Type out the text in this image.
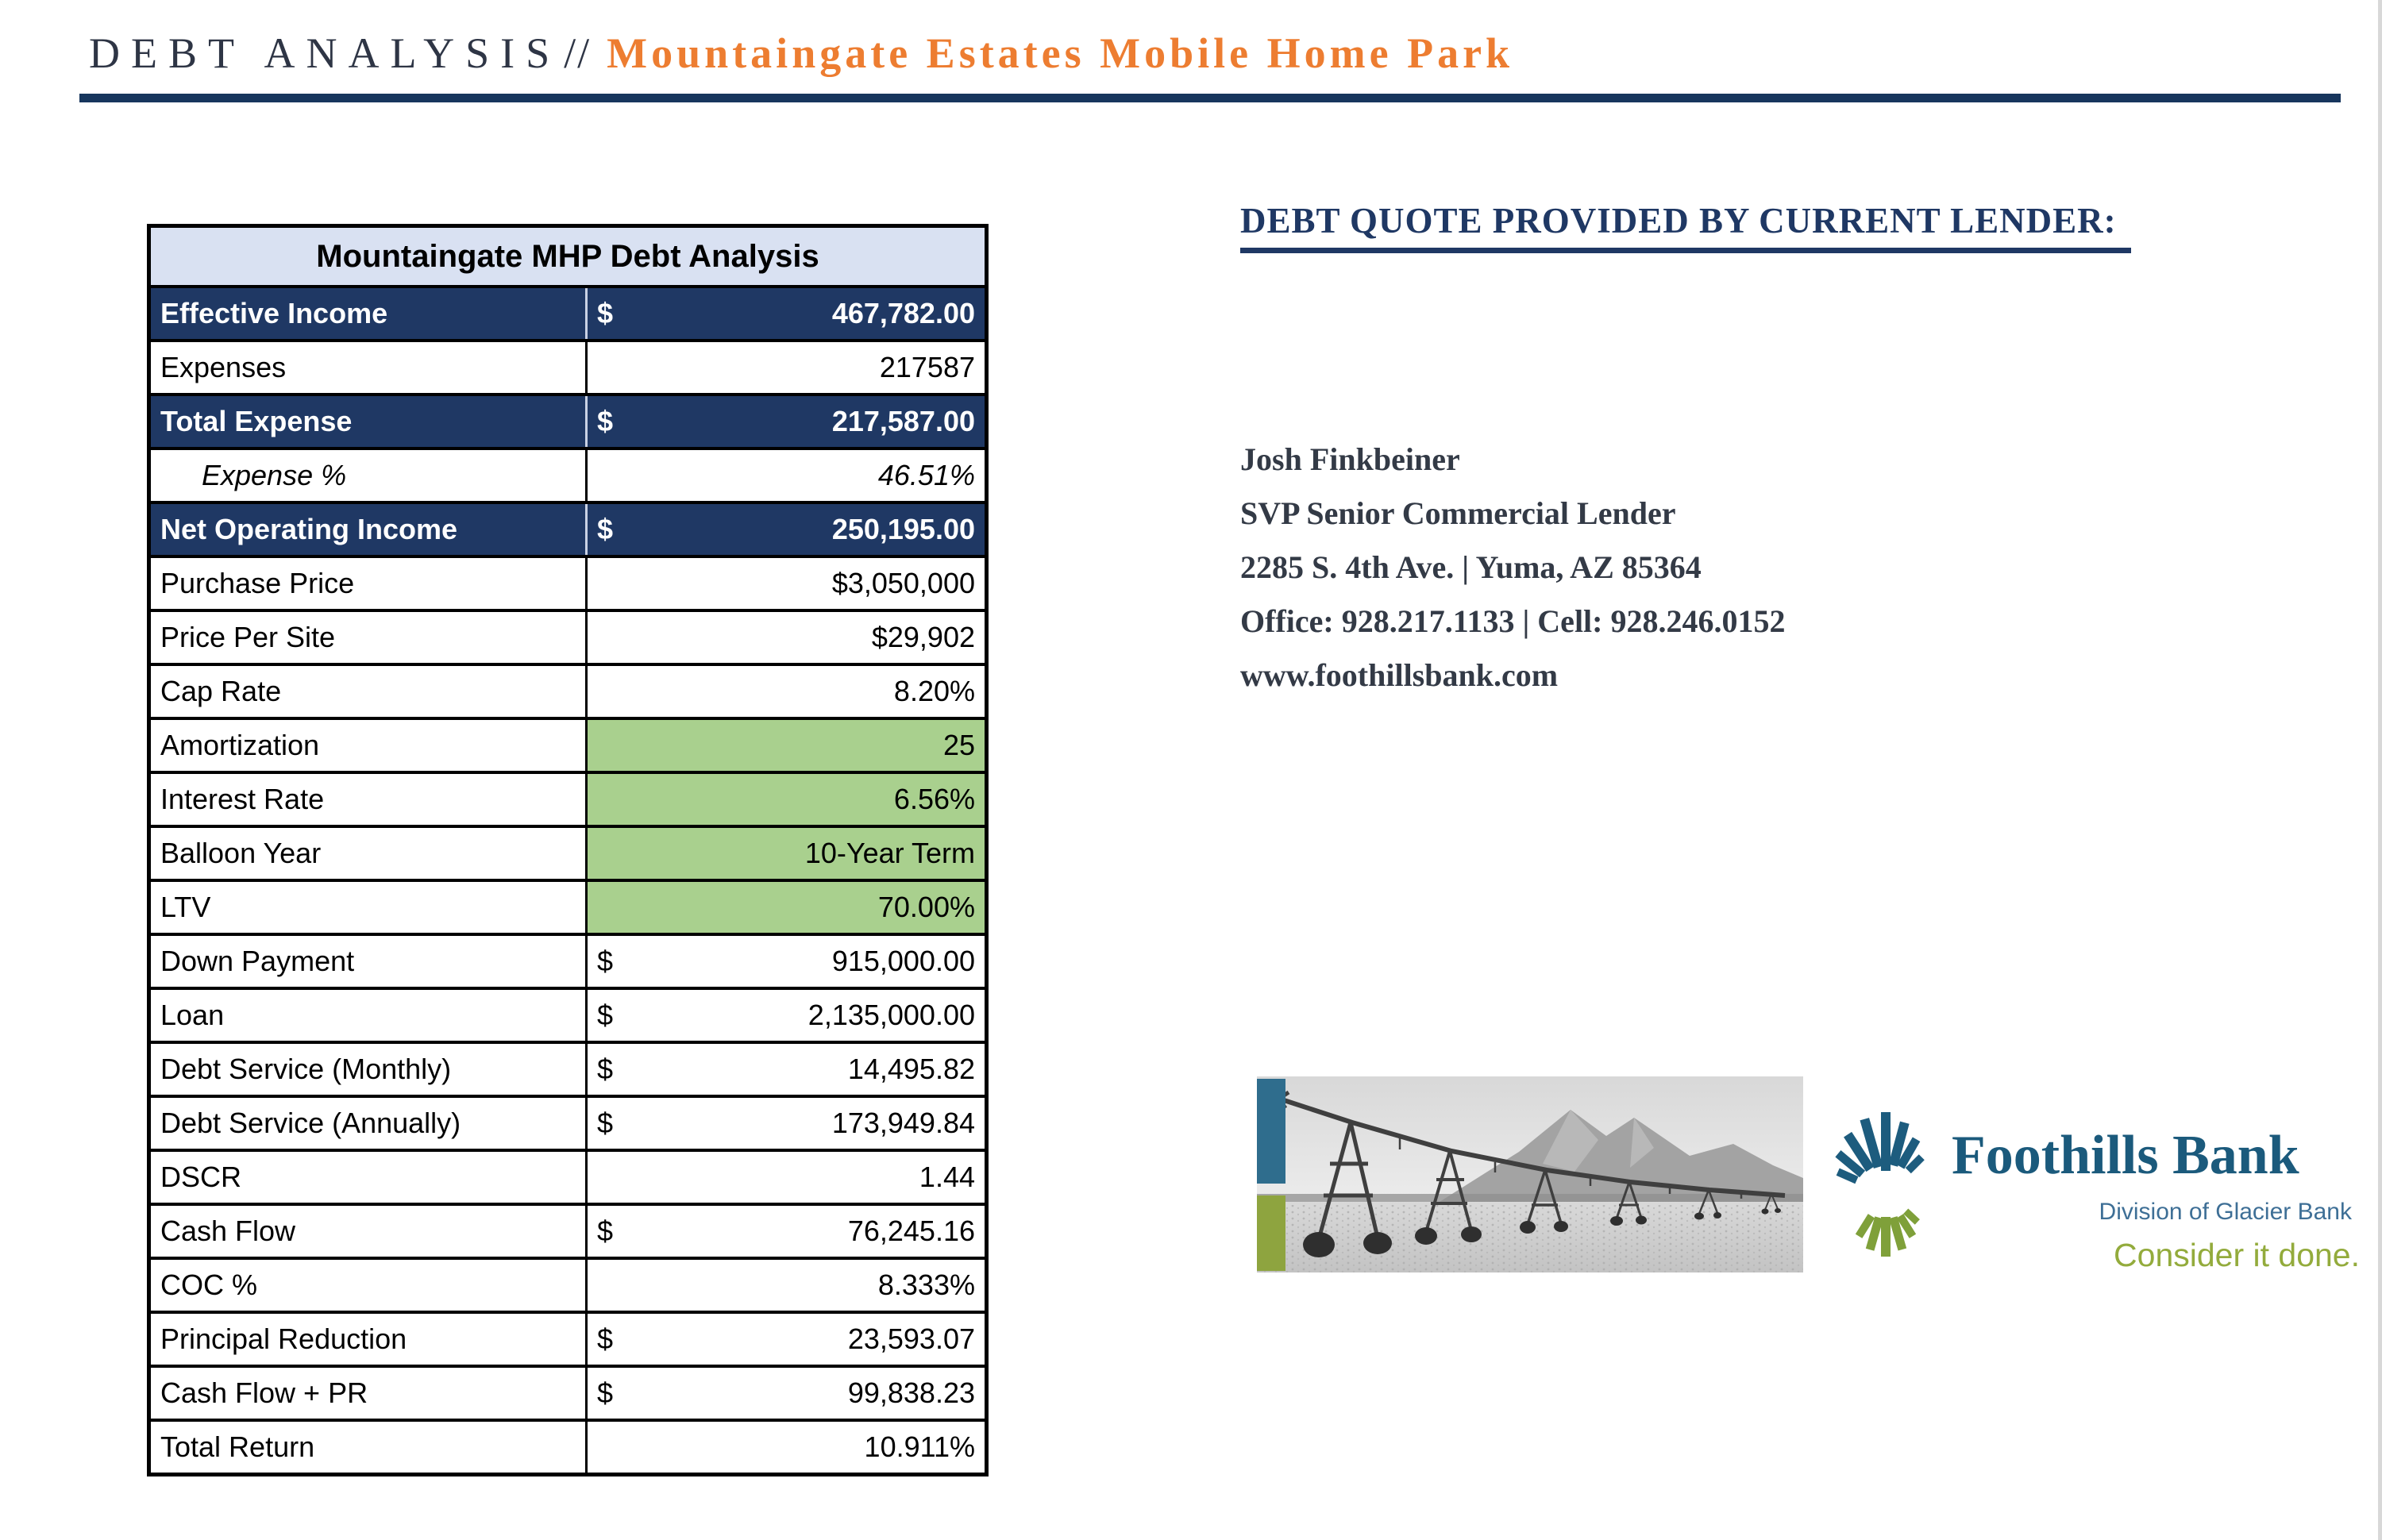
DEBT ANALYSIS// Mountaingate Estates Mobile Home Park
Mountaingate MHP Debt Analysis
Effective Income	$	467,782.00
Expenses	217587
Total Expense	$	217,587.00
Expense %	46.51%
Net Operating Income	$	250,195.00
Purchase Price	$3,050,000
Price Per Site	$29,902
Cap Rate	8.20%
Amortization	25
Interest Rate	6.56%
Balloon Year	10-Year Term
LTV	70.00%
Down Payment	$	915,000.00
Loan	$	2,135,000.00
Debt Service (Monthly)	$	14,495.82
Debt Service (Annually)	$	173,949.84
DSCR	1.44
Cash Flow	$	76,245.16
COC %	8.333%
Principal Reduction	$	23,593.07
Cash Flow + PR	$	99,838.23
Total Return	10.911%
DEBT QUOTE PROVIDED BY CURRENT LENDER:
Josh Finkbeiner
SVP Senior Commercial Lender
2285 S. 4th Ave. | Yuma, AZ 85364
Office: 928.217.1133 | Cell: 928.246.0152
www.foothillsbank.com
Foothills Bank
Division of Glacier Bank
Consider it done.
